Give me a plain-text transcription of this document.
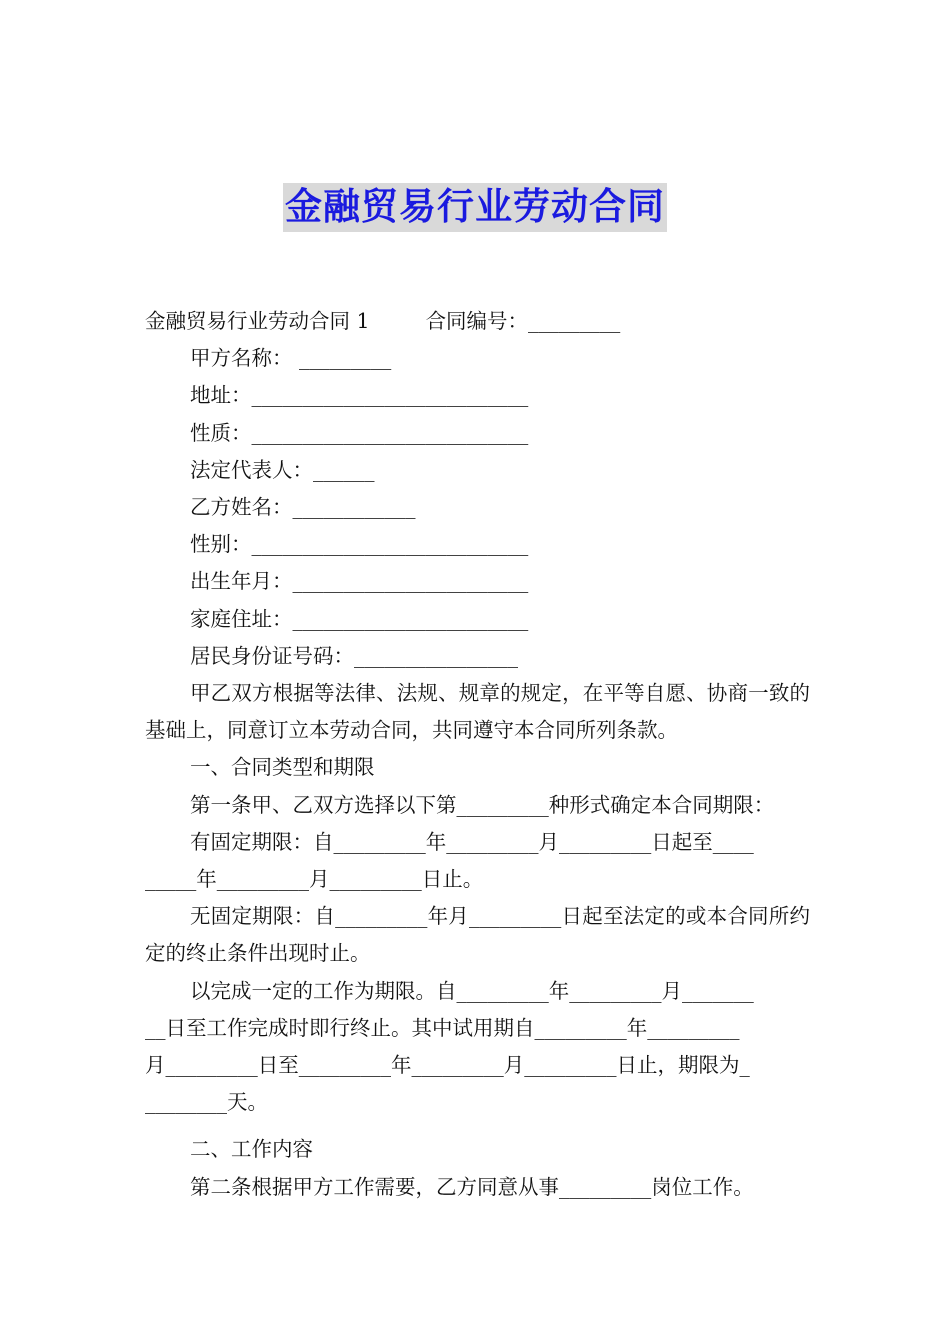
金融贸易行业劳动合同
金融贸易行业劳动合同 1	合同编号：_________
甲方名称： _________
地址：___________________________
性质：___________________________
法定代表人：______
乙方姓名：____________
性别：___________________________
出生年月：_______________________
家庭住址：_______________________
居民身份证号码：________________
甲乙双方根据等法律、法规、规章的规定，在平等自愿、协商一致的基础上，同意订立本劳动合同，共同遵守本合同所列条款。
一、合同类型和期限
第一条甲、乙双方选择以下第_________种形式确定本合同期限：
有固定期限：自_________年_________月_________日起至____
_____年_________月_________日止。
无固定期限：自_________年月_________日起至法定的或本合同所约定的终止条件出现时止。
以完成一定的工作为期限。自_________年_________月_______
__日至工作完成时即行终止。其中试用期自_________年_________
月_________日至_________年_________月_________日止，期限为_
________天。
二、工作内容
第二条根据甲方工作需要，乙方同意从事_________岗位工作。
